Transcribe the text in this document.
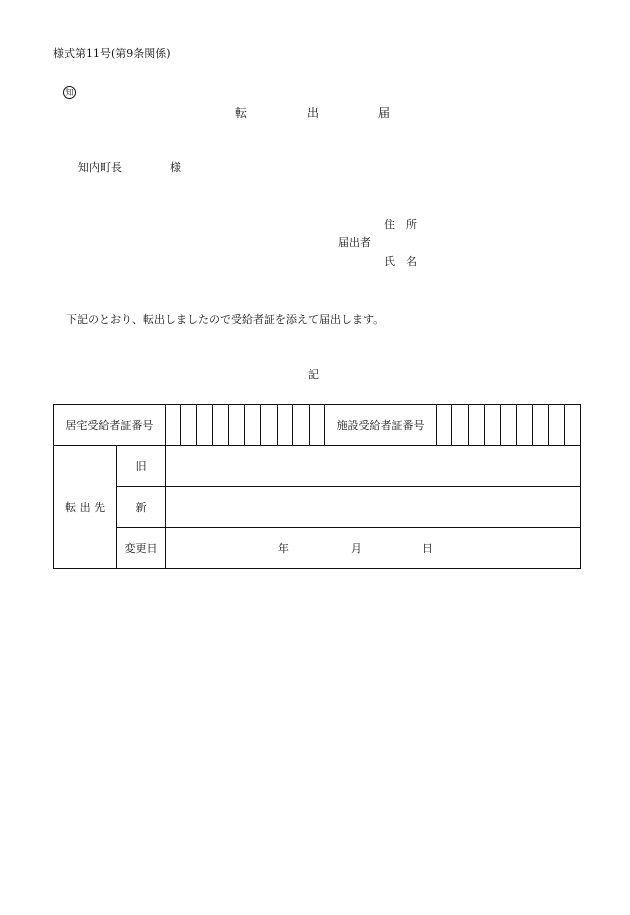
様式第11号(第9条関係)
知
転	出	届
知内町長	様
住　所
届出者
氏　名
下記のとおり、転出しましたので受給者証を添えて届出します。
記
居宅受給者証番号												施設受給者証番号									
転 出 先	旧																				
	新																				
	変更日	年 月 日																			
